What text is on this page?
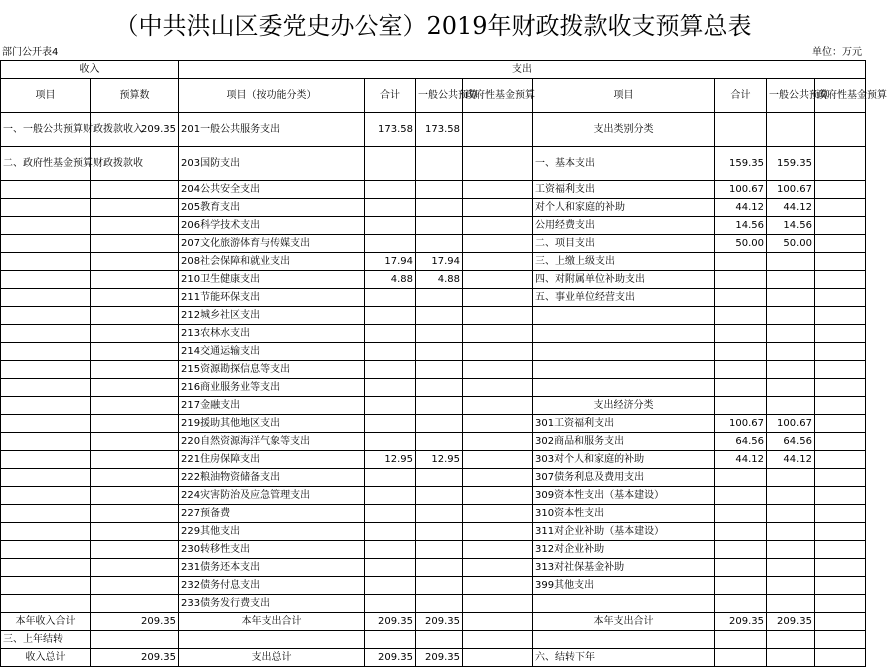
（中共洪山区委党史办公室）2019年财政拨款收支预算总表
部门公开表4	单位：万元
收入		支出							
项目	预算数	项目（按功能分类）	合计	一般公共预算	政府性基金预算	项目	合计	一般公共预算	政府性基金预算
一、一般公共预算财政拨款收入	209.35	201一般公共服务支出	173.58	173.58		支出类别分类			
二、政府性基金预算财政拨款收		203国防支出				一、基本支出	159.35	159.35	
		204公共安全支出				工资福利支出	100.67	100.67	
		205教育支出				对个人和家庭的补助	44.12	44.12	
		206科学技术支出				公用经费支出	14.56	14.56	
		207文化旅游体育与传媒支出				二、项目支出	50.00	50.00	
		208社会保障和就业支出	17.94	17.94		三、上缴上级支出			
		210卫生健康支出	4.88	4.88		四、对附属单位补助支出			
		211节能环保支出				五、事业单位经营支出			
		212城乡社区支出							
		213农林水支出							
		214交通运输支出							
		215资源勘探信息等支出							
		216商业服务业等支出							
		217金融支出				支出经济分类			
		219援助其他地区支出				301工资福利支出	100.67	100.67	
		220自然资源海洋气象等支出				302商品和服务支出	64.56	64.56	
		221住房保障支出	12.95	12.95		303对个人和家庭的补助	44.12	44.12	
		222粮油物资储备支出				307债务利息及费用支出			
		224灾害防治及应急管理支出				309资本性支出（基本建设）			
		227预备费				310资本性支出			
		229其他支出				311对企业补助（基本建设）			
		230转移性支出				312对企业补助			
		231债务还本支出				313对社保基金补助			
		232债务付息支出				399其他支出			
		233债务发行费支出							
本年收入合计	209.35	本年支出合计	209.35	209.35		本年支出合计	209.35	209.35	
三、上年结转									
收入总计	209.35	支出总计	209.35	209.35		六、结转下年			
